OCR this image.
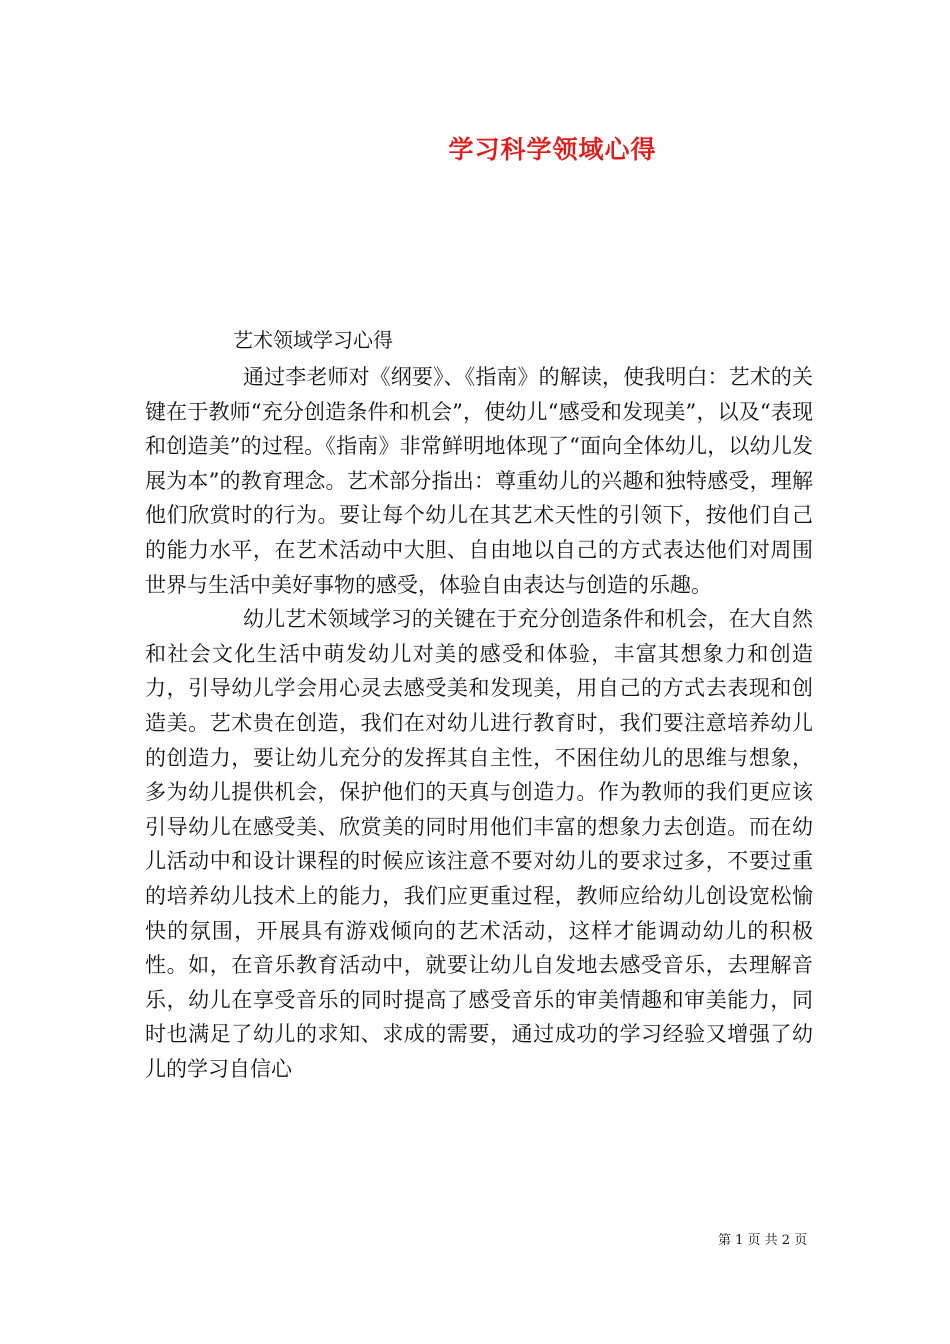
学习科学领域心得
艺术领域学习心得

通过李老师对《纲要》、《指南》的解读，使我明白：艺术的关键在于教师“充分创造条件和机会”，使幼儿“感受和发现美”，以及“表现和创造美”的过程。《指南》非常鲜明地体现了“面向全体幼儿，以幼儿发展为本”的教育理念。艺术部分指出：尊重幼儿的兴趣和独特感受，理解他们欣赏时的行为。要让每个幼儿在其艺术天性的引领下，按他们自己的能力水平，在艺术活动中大胆、自由地以自己的方式表达他们对周围世界与生活中美好事物的感受，体验自由表达与创造的乐趣。

幼儿艺术领域学习的关键在于充分创造条件和机会，在大自然和社会文化生活中萌发幼儿对美的感受和体验，丰富其想象力和创造力，引导幼儿学会用心灵去感受美和发现美，用自己的方式去表现和创造美。艺术贵在创造，我们在对幼儿进行教育时，我们要注意培养幼儿的创造力，要让幼儿充分的发挥其自主性，不困住幼儿的思维与想象，多为幼儿提供机会，保护他们的天真与创造力。作为教师的我们更应该引导幼儿在感受美、欣赏美的同时用他们丰富的想象力去创造。而在幼儿活动中和设计课程的时候应该注意不要对幼儿的要求过多，不要过重的培养幼儿技术上的能力，我们应更重过程，教师应给幼儿创设宽松愉快的氛围，开展具有游戏倾向的艺术活动，这样才能调动幼儿的积极性。如，在音乐教育活动中，就要让幼儿自发地去感受音乐，去理解音乐，幼儿在享受音乐的同时提高了感受音乐的审美情趣和审美能力，同时也满足了幼儿的求知、求成的需要，通过成功的学习经验又增强了幼儿的学习自信心

第 1 页 共 2 页
